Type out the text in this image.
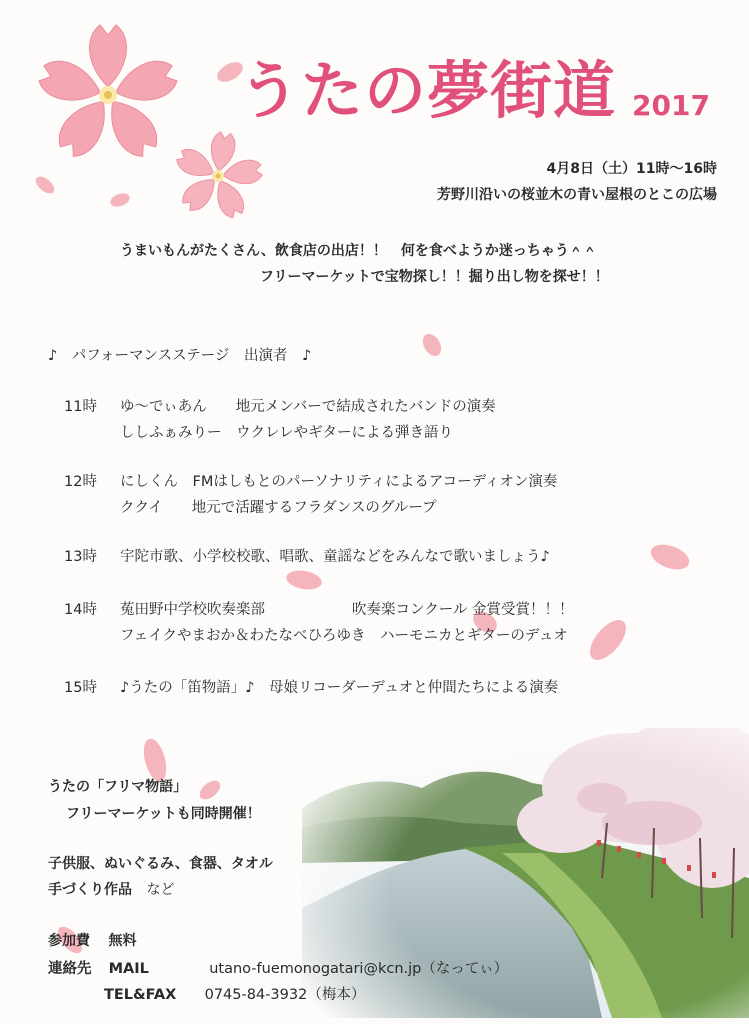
うたの夢街道 2017
4月8日（土）11時〜16時
芳野川沿いの桜並木の青い屋根のとこの広場
うまいもんがたくさん、飲食店の出店！！　何を食べようか迷っちゃう＾＾
フリーマーケットで宝物探し！！掘り出し物を探せ！！
♪　パフォーマンスステージ　出演者　♪
11時 ゆ〜でぃあん　　地元メンバーで結成されたバンドの演奏
ししふぁみりー　ウクレレやギターによる弾き語り
12時 にしくん　FMはしもとのパーソナリティによるアコーディオン演奏
ククイ　　地元で活躍するフラダンスのグループ
13時 宇陀市歌、小学校校歌、唱歌、童謡などをみんなで歌いましょう♪
14時 菟田野中学校吹奏楽部　　　　　　吹奏楽コンクール 金賞受賞！！！
フェイクやまおか＆わたなべひろゆき　ハーモニカとギターのデュオ
15時 ♪うたの「笛物語」♪　母娘リコーダーデュオと仲間たちによる演奏
うたの「フリマ物語」
フリーマーケットも同時開催！
子供服、ぬいぐるみ、食器、タオル
手づくり作品 など
参加費 無料
連絡先 MAIL	utano-fuemonogatari@kcn.jp（なってぃ）
TEL&FAX 0745-84-3932（梅本）
